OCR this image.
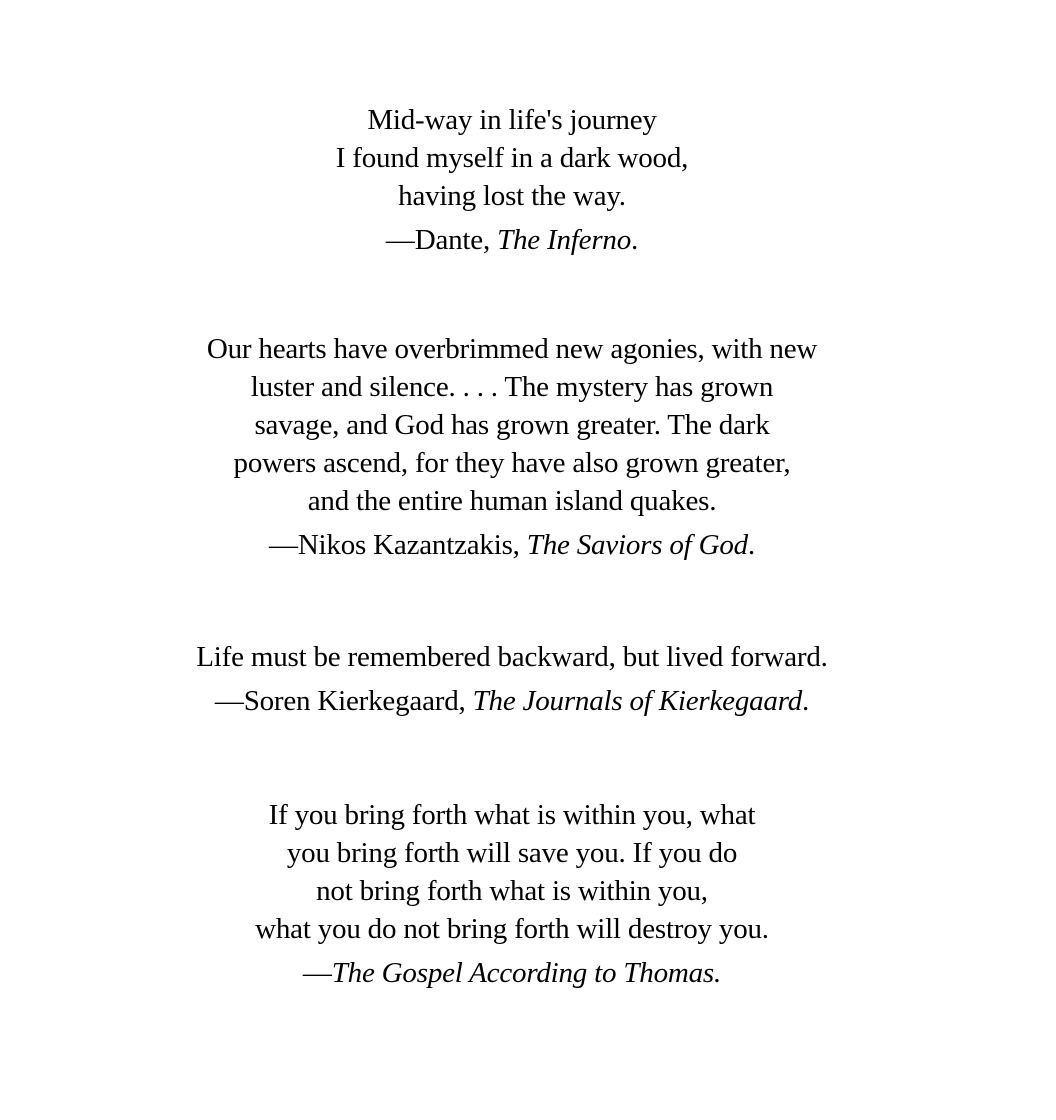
Mid-way in life's journey
I found myself in a dark wood,
having lost the way.
—Dante, The Inferno.
Our hearts have overbrimmed new agonies, with new
luster and silence. . . . The mystery has grown
savage, and God has grown greater. The dark
powers ascend, for they have also grown greater,
and the entire human island quakes.
—Nikos Kazantzakis, The Saviors of God.
Life must be remembered backward, but lived forward.
—Soren Kierkegaard, The Journals of Kierkegaard.
If you bring forth what is within you, what
you bring forth will save you. If you do
not bring forth what is within you,
what you do not bring forth will destroy you.
—The Gospel According to Thomas.
